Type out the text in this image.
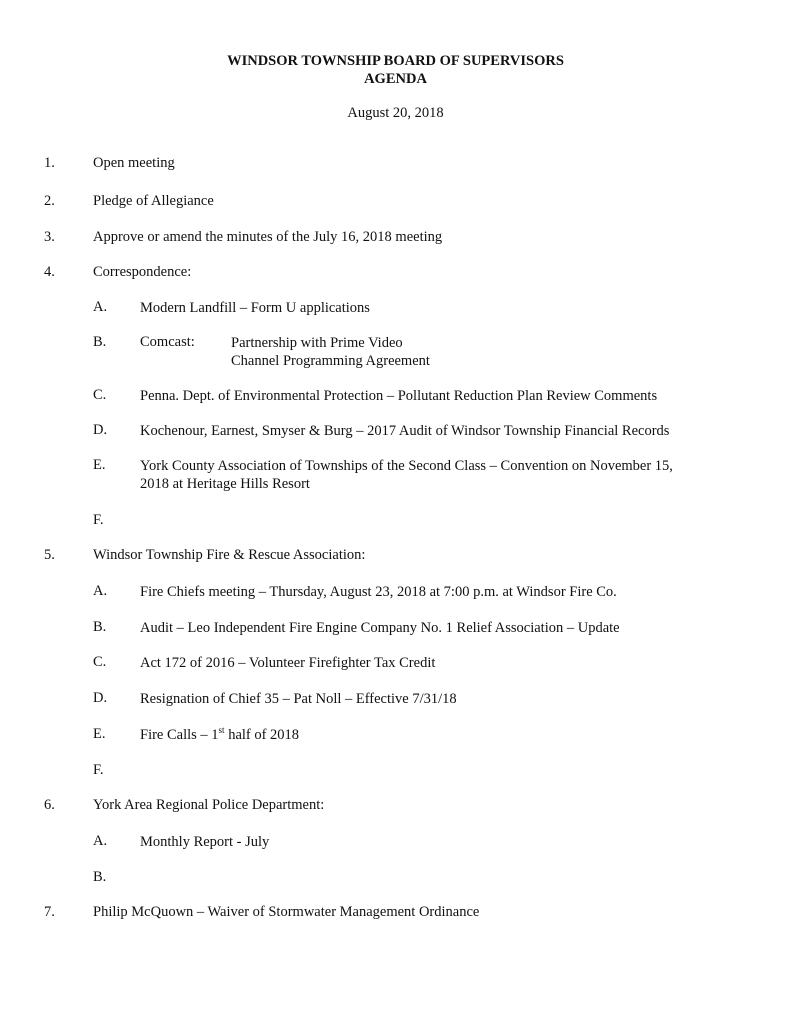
WINDSOR TOWNSHIP BOARD OF SUPERVISORS
AGENDA
August 20, 2018
1.	Open meeting
2.	Pledge of Allegiance
3.	Approve or amend the minutes of the July 16, 2018 meeting
4.	Correspondence:
A.	Modern Landfill – Form U applications
B.	Comcast: Partnership with Prime Video
Channel Programming Agreement
C.	Penna. Dept. of Environmental Protection – Pollutant Reduction Plan Review Comments
D.	Kochenour, Earnest, Smyser & Burg – 2017 Audit of Windsor Township Financial Records
E.	York County Association of Townships of the Second Class – Convention on November 15,
2018 at Heritage Hills Resort
F.
5.	Windsor Township Fire & Rescue Association:
A.	Fire Chiefs meeting – Thursday, August 23, 2018 at 7:00 p.m. at Windsor Fire Co.
B.	Audit – Leo Independent Fire Engine Company No. 1 Relief Association – Update
C.	Act 172 of 2016 – Volunteer Firefighter Tax Credit
D.	Resignation of Chief 35 – Pat Noll – Effective 7/31/18
E.	Fire Calls – 1st half of 2018
F.
6.	York Area Regional Police Department:
A.	Monthly Report - July
B.
7.	Philip McQuown – Waiver of Stormwater Management Ordinance
